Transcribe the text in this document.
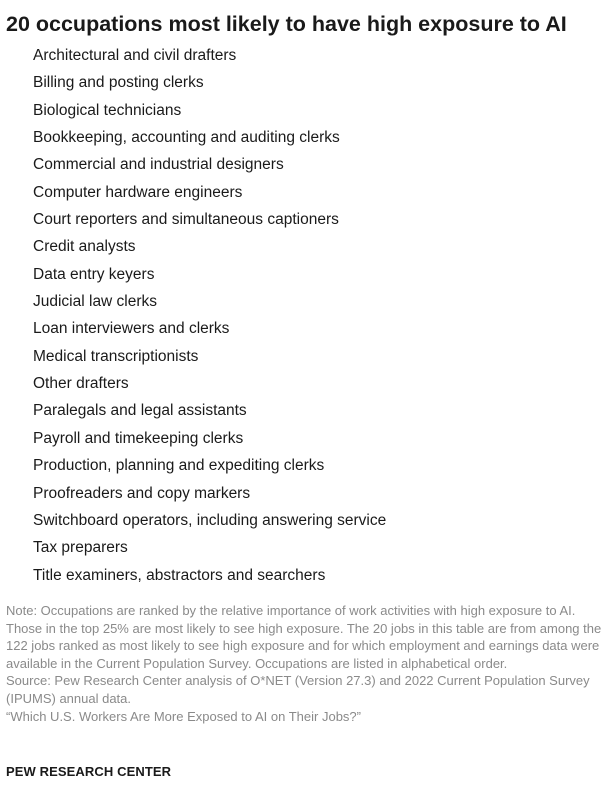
20 occupations most likely to have high exposure to AI
Architectural and civil drafters
Billing and posting clerks
Biological technicians
Bookkeeping, accounting and auditing clerks
Commercial and industrial designers
Computer hardware engineers
Court reporters and simultaneous captioners
Credit analysts
Data entry keyers
Judicial law clerks
Loan interviewers and clerks
Medical transcriptionists
Other drafters
Paralegals and legal assistants
Payroll and timekeeping clerks
Production, planning and expediting clerks
Proofreaders and copy markers
Switchboard operators, including answering service
Tax preparers
Title examiners, abstractors and searchers

Note: Occupations are ranked by the relative importance of work activities with high exposure to AI. Those in the top 25% are most likely to see high exposure. The 20 jobs in this table are from among the 122 jobs ranked as most likely to see high exposure and for which employment and earnings data were available in the Current Population Survey. Occupations are listed in alphabetical order.

Source: Pew Research Center analysis of O*NET (Version 27.3) and 2022 Current Population Survey (IPUMS) annual data.

“Which U.S. Workers Are More Exposed to AI on Their Jobs?”

PEW RESEARCH CENTER
